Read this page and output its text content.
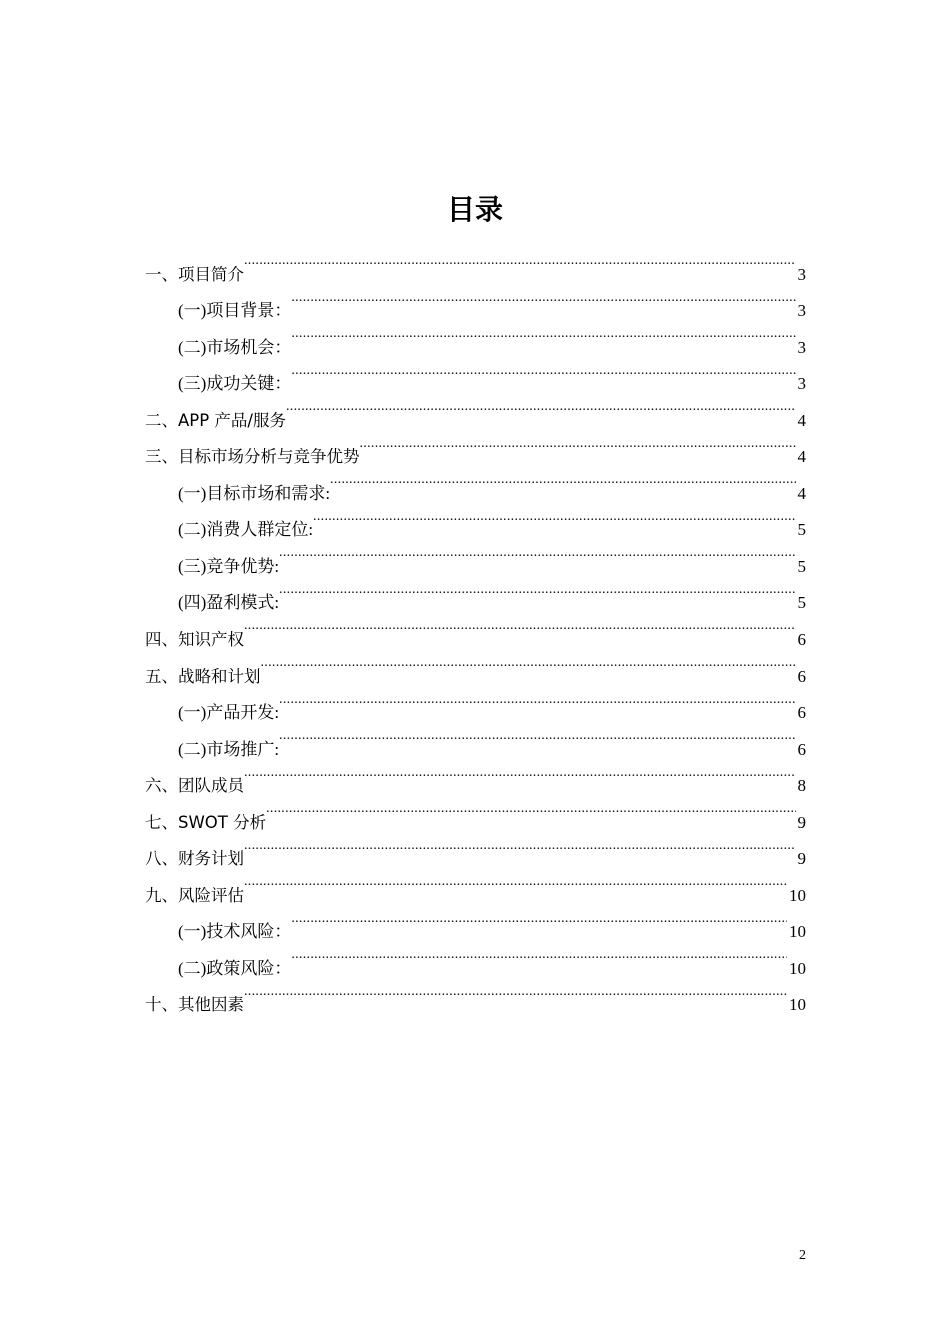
目录
一、项目简介 .....	3
(一)项目背景： .....	3
(二)市场机会： .....	3
(三)成功关键： .....	3
二、APP 产品/服务 .....	4
三、目标市场分析与竞争优势 .....	4
(一)目标市场和需求: .....	4
(二)消费人群定位: .....	5
(三)竞争优势: .....	5
(四)盈利模式: .....	5
四、知识产权 .....	6
五、战略和计划 .....	6
(一)产品开发: .....	6
(二)市场推广: .....	6
六、团队成员 .....	8
七、SWOT 分析 .....	9
八、财务计划 .....	9
九、风险评估 .....	10
(一)技术风险： .....	10
(二)政策风险： .....	10
十、其他因素 .....	10
2
